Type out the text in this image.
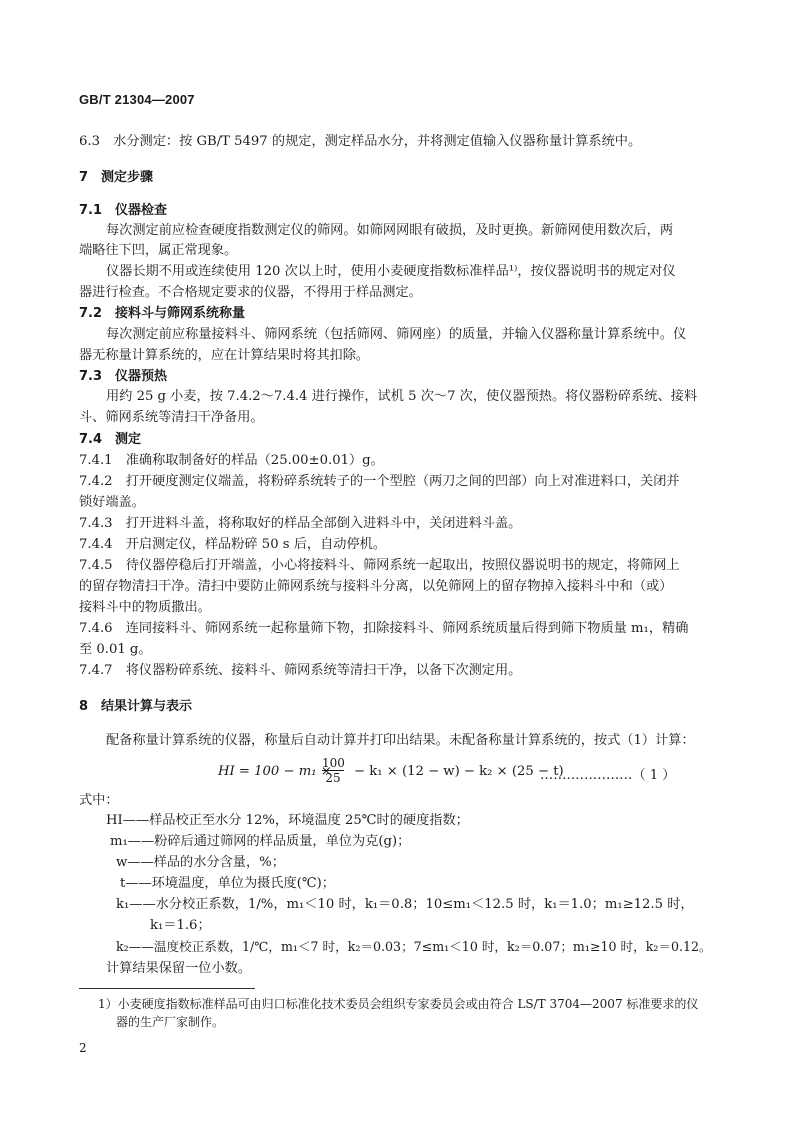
GB/T 21304—2007
6.3　水分测定：按 GB/T 5497 的规定，测定样品水分，并将测定值输入仪器称量计算系统中。
7　测定步骤
7.1　仪器检查
每次测定前应检查硬度指数测定仪的筛网。如筛网网眼有破损，及时更换。新筛网使用数次后，两
端略往下凹，属正常现象。
仪器长期不用或连续使用 120 次以上时，使用小麦硬度指数标准样品¹⁾，按仪器说明书的规定对仪
器进行检查。不合格规定要求的仪器，不得用于样品测定。
7.2　接料斗与筛网系统称量
每次测定前应称量接料斗、筛网系统（包括筛网、筛网座）的质量，并输入仪器称量计算系统中。仪
器无称量计算系统的，应在计算结果时将其扣除。
7.3　仪器预热
用约 25 g 小麦，按 7.4.2～7.4.4 进行操作，试机 5 次～7 次，使仪器预热。将仪器粉碎系统、接料
斗、筛网系统等清扫干净备用。
7.4　测定
7.4.1　准确称取制备好的样品（25.00±0.01）g。
7.4.2　打开硬度测定仪端盖，将粉碎系统转子的一个型腔（两刀之间的凹部）向上对准进料口，关闭并
锁好端盖。
7.4.3　打开进料斗盖，将称取好的样品全部倒入进料斗中，关闭进料斗盖。
7.4.4　开启测定仪，样品粉碎 50 s 后，自动停机。
7.4.5　待仪器停稳后打开端盖，小心将接料斗、筛网系统一起取出，按照仪器说明书的规定，将筛网上
的留存物清扫干净。清扫中要防止筛网系统与接料斗分离，以免筛网上的留存物掉入接料斗中和（或）
接料斗中的物质撒出。
7.4.6　连同接料斗、筛网系统一起称量筛下物，扣除接料斗、筛网系统质量后得到筛下物质量 m₁，精确
至 0.01 g。
7.4.7　将仪器粉碎系统、接料斗、筛网系统等清扫干净，以备下次测定用。
8　结果计算与表示
配备称量计算系统的仪器，称量后自动计算并打印出结果。未配备称量计算系统的，按式（1）计算：
HI = 100 − m₁ ×
$\frac{100}{25} - k_1 \times (12 - w) - k_2 \times (25 - t)$
…………………（ 1 ）
式中：
HI——样品校正至水分 12%，环境温度 25℃时的硬度指数；
m₁——粉碎后通过筛网的样品质量，单位为克(g)；
w——样品的水分含量，%；
t——环境温度，单位为摄氏度(℃)；
k₁——水分校正系数，1/%，m₁＜10 时，k₁＝0.8；10≤m₁＜12.5 时，k₁＝1.0；m₁≥12.5 时，
k₁＝1.6；
k₂——温度校正系数，1/℃，m₁＜7 时，k₂＝0.03；7≤m₁＜10 时，k₂＝0.07；m₁≥10 时，k₂＝0.12。
计算结果保留一位小数。
1）小麦硬度指数标准样品可由归口标准化技术委员会组织专家委员会或由符合 LS/T 3704—2007 标准要求的仪
器的生产厂家制作。
2
